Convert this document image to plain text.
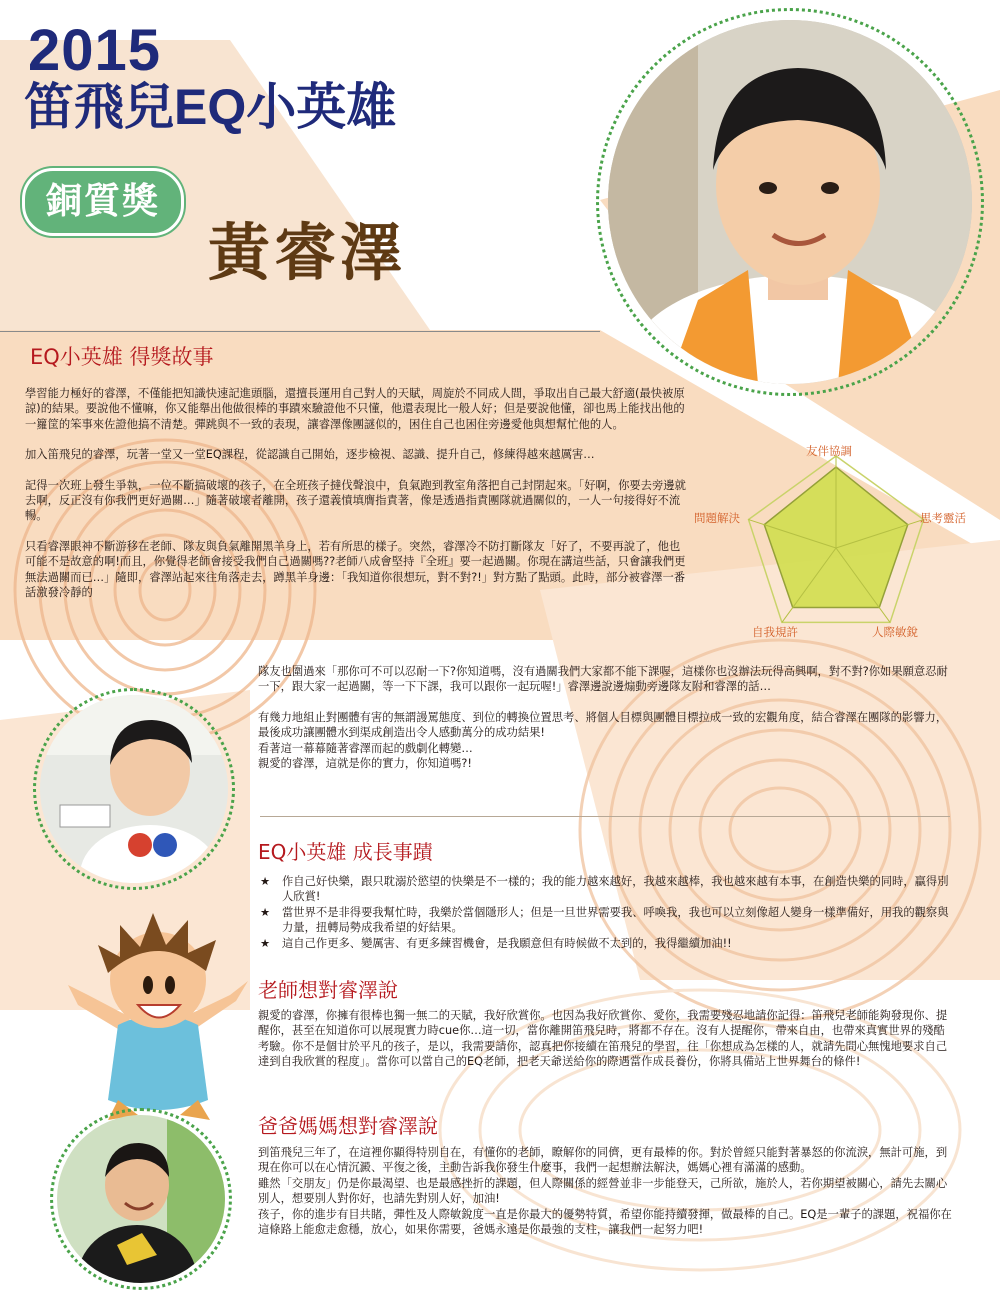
2015
笛飛兒EQ小英雄
銅質獎
黃睿澤
EQ小英雄 得獎故事

學習能力極好的睿澤，不僅能把知識快速記進頭腦，還擅長運用自己對人的天賦，周旋於不同成人間，爭取出自己最大舒適(最快被原諒)的結果。要說他不懂嘛，你又能舉出他做很棒的事蹟來驗證他不只懂，他還表現比一般人好；但是要說他懂，卻也馬上能找出他的一籮筐的笨事來佐證他搞不清楚。彈跳與不一致的表現，讓睿澤像團謎似的，困住自己也困住旁邊愛他與想幫忙他的人。

加入笛飛兒的睿澤，玩著一堂又一堂EQ課程，從認識自己開始，逐步檢視、認識、提升自己，修練得越來越厲害…

記得一次班上發生爭執，一位不斷搞破壞的孩子，在全班孩子撻伐聲浪中，負氣跑到教室角落把自己封閉起來。「好啊，你要去旁邊就去啊，反正沒有你我們更好過關…」隨著破壞者離開，孩子還義憤填膺指責著，像是透過指責團隊就過關似的，一人一句接得好不流暢。

只看睿澤眼神不斷游移在老師、隊友與負氣離開黑羊身上，若有所思的樣子。突然，睿澤冷不防打斷隊友「好了，不要再說了，他也可能不是故意的啊!而且，你覺得老師會接受我們自己過關嗎??老師八成會堅持『全班』要一起過關。你現在講這些話，只會讓我們更無法過關而已…」隨即，睿澤站起來往角落走去，蹲黑羊身邊：「我知道你很想玩，對不對?!」對方點了點頭。此時，部分被睿澤一番話激發冷靜的

隊友也圍過來「那你可不可以忍耐一下?你知道嗎，沒有過關我們大家都不能下課喔，這樣你也沒辦法玩得高興啊，對不對?你如果願意忍耐一下，跟大家一起過關，等一下下課，我可以跟你一起玩喔!」睿澤邊說邊煽動旁邊隊友附和睿澤的話…

有幾力地組止對團體有害的無謂謾罵態度、到位的轉換位置思考、將個人目標與團體目標拉成一致的宏觀角度，結合睿澤在團隊的影響力，最後成功讓團體水到渠成創造出令人感動萬分的成功結果!

看著這一幕幕隨著睿澤而起的戲劇化轉變…

親愛的睿澤，這就是你的實力，你知道嗎?!

友伴協調
思考靈活
人際敏銳
自我規許
問題解決
EQ小英雄 成長事蹟
★ 作自己好快樂，跟只耽溺於慾望的快樂是不一樣的；我的能力越來越好，我越來越棒，我也越來越有本事，在創造快樂的同時，贏得別人欣賞!
★ 當世界不是非得要我幫忙時，我樂於當個隱形人；但是一旦世界需要我、呼喚我，我也可以立刻像超人變身一樣準備好，用我的觀察與力量，扭轉局勢成我希望的好結果。
★ 這自己作更多、變厲害、有更多練習機會，是我願意但有時候做不太到的，我得繼續加油!!
老師想對睿澤說
親愛的睿澤，你擁有很棒也獨一無二的天賦，我好欣賞你。也因為我好欣賞你、愛你，我需要殘忍地請你記得：笛飛兒老師能夠發現你、提醒你，甚至在知道你可以展現實力時cue你…這一切，當你離開笛飛兒時，將都不存在。沒有人提醒你，帶來自由，也帶來真實世界的殘酷考驗。你不是個甘於平凡的孩子，是以，我需要請你，認真把你接續在笛飛兒的學習，往「你想成為怎樣的人，就請先問心無愧地要求自己達到自我欣賞的程度」。當你可以當自己的EQ老師，把老天爺送給你的際遇當作成長養份，你將具備站上世界舞台的條件!
爸爸媽媽想對睿澤說

到笛飛兒三年了，在這裡你顯得特別自在，有懂你的老師，瞭解你的同儕，更有最棒的你。對於曾經只能對著暴怒的你流淚，無計可施，到現在你可以在心情沉澱、平復之後，主動告訴我你發生什麼事，我們一起想辦法解決，媽媽心裡有滿滿的感動。

雖然「交朋友」仍是你最渴望、也是最感挫折的課題，但人際關係的經營並非一步能登天，己所欲，施於人，若你期望被關心，請先去關心別人，想要別人對你好，也請先對別人好，加油!

孩子，你的進步有目共睹，彈性及人際敏銳度一直是你最大的優勢特質，希望你能持續發揮，做最棒的自己。EQ是一輩子的課題，祝福你在這條路上能愈走愈穩，放心，如果你需要，爸媽永遠是你最強的支柱，讓我們一起努力吧!
